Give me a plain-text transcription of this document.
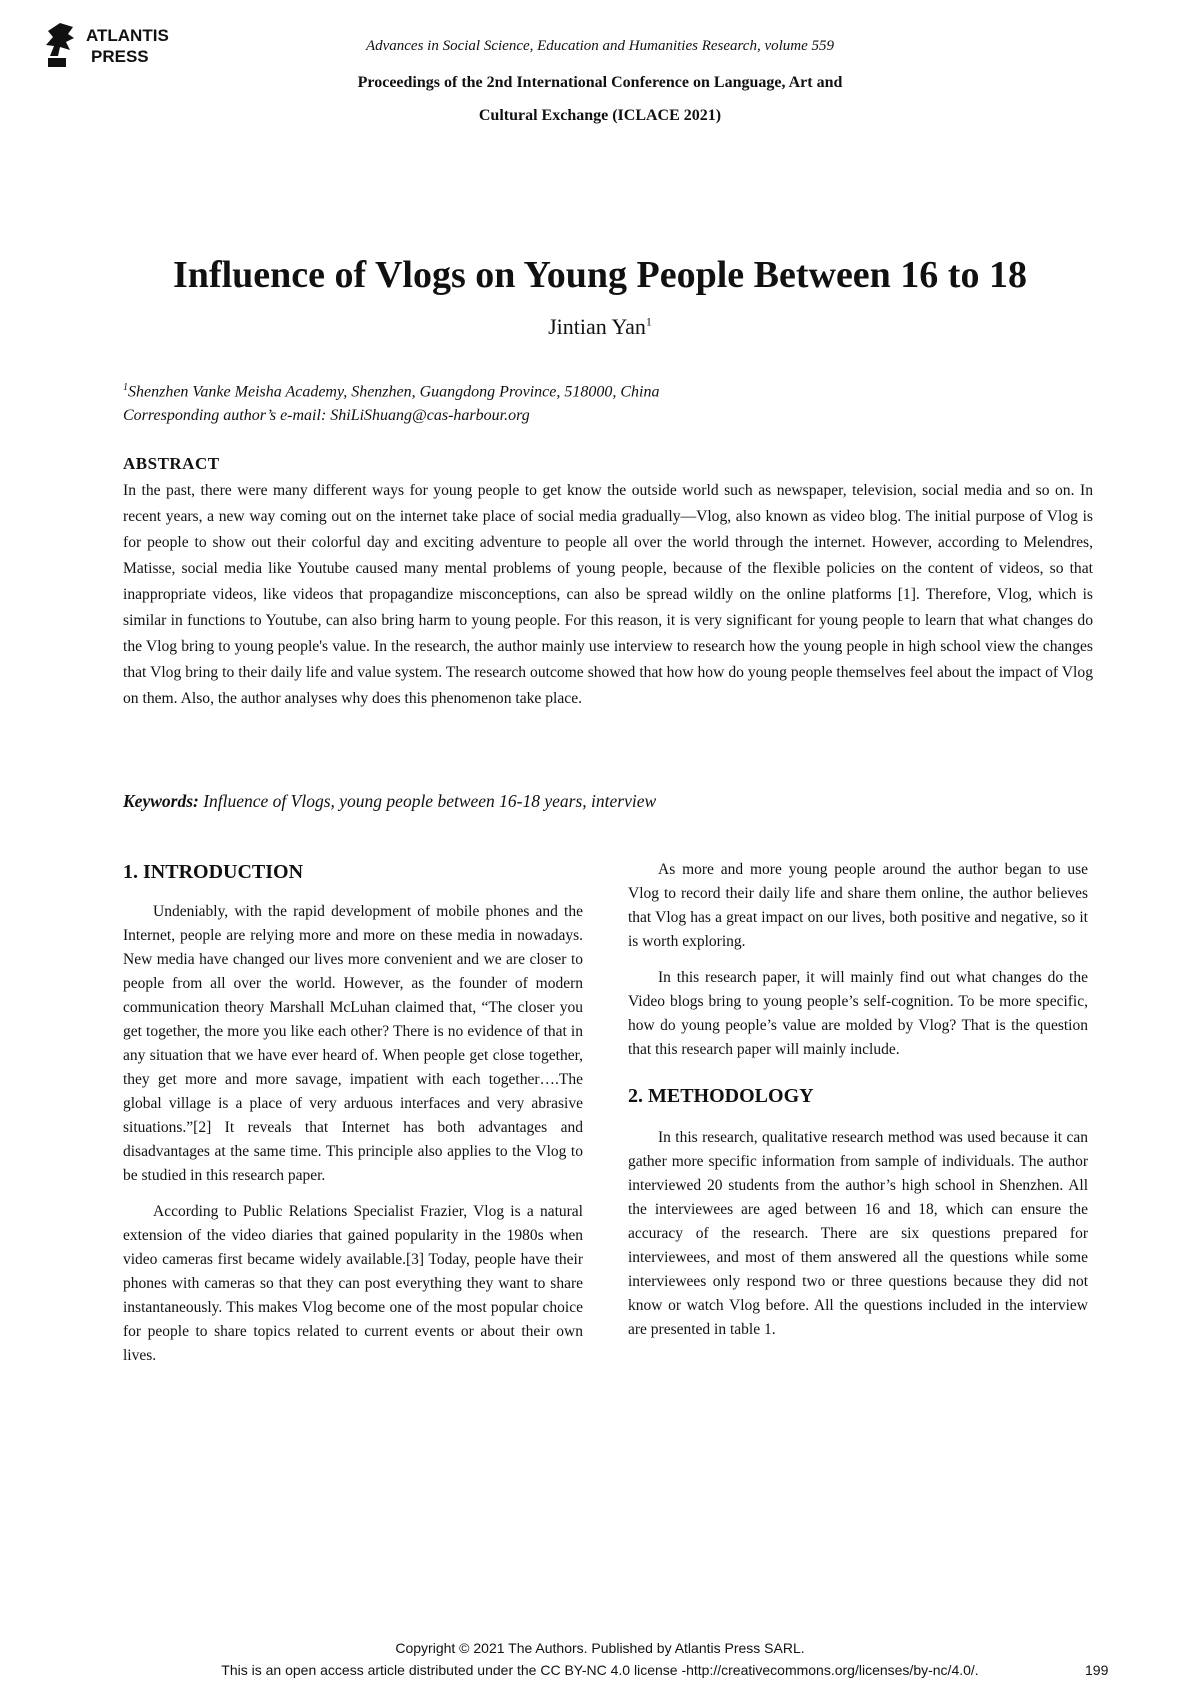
ATLANTIS
PRESS
Advances in Social Science, Education and Humanities Research, volume 559
Proceedings of the 2nd International Conference on Language, Art and
Cultural Exchange (ICLACE 2021)
Influence of Vlogs on Young People Between 16 to 18
Jintian Yan$^1$
$^1$Shenzhen Vanke Meisha Academy, Shenzhen, Guangdong Province, 518000, China
Corresponding author’s e-mail: ShiLiShuang@cas-harbour.org
ABSTRACT
In the past, there were many different ways for young people to get know the outside world such as newspaper, television, social media and so on. In recent years, a new way coming out on the internet take place of social media gradually—Vlog, also known as video blog. The initial purpose of Vlog is for people to show out their colorful day and exciting adventure to people all over the world through the internet. However, according to Melendres, Matisse, social media like Youtube caused many mental problems of young people, because of the flexible policies on the content of videos, so that inappropriate videos, like videos that propagandize misconceptions, can also be spread wildly on the online platforms [1]. Therefore, Vlog, which is similar in functions to Youtube, can also bring harm to young people. For this reason, it is very significant for young people to learn that what changes do the Vlog bring to young people's value. In the research, the author mainly use interview to research how the young people in high school view the changes that Vlog bring to their daily life and value system. The research outcome showed that how how do young people themselves feel about the impact of Vlog on them. Also, the author analyses why does this phenomenon take place.
Keywords: Influence of Vlogs, young people between 16-18 years, interview
1. INTRODUCTION

Undeniably, with the rapid development of mobile phones and the Internet, people are relying more and more on these media in nowadays. New media have changed our lives more convenient and we are closer to people from all over the world. However, as the founder of modern communication theory Marshall McLuhan claimed that, “The closer you get together, the more you like each other? There is no evidence of that in any situation that we have ever heard of. When people get close together, they get more and more savage, impatient with each together….The global village is a place of very arduous interfaces and very abrasive situations.”[2] It reveals that Internet has both advantages and disadvantages at the same time. This principle also applies to the Vlog to be studied in this research paper.

According to Public Relations Specialist Frazier, Vlog is a natural extension of the video diaries that gained popularity in the 1980s when video cameras first became widely available.[3] Today, people have their phones with cameras so that they can post everything they want to share instantaneously. This makes Vlog become one of the most popular choice for people to share topics related to current events or about their own lives.

As more and more young people around the author began to use Vlog to record their daily life and share them online, the author believes that Vlog has a great impact on our lives, both positive and negative, so it is worth exploring.

In this research paper, it will mainly find out what changes do the Video blogs bring to young people’s self-cognition. To be more specific, how do young people’s value are molded by Vlog? That is the question that this research paper will mainly include.

2. METHODOLOGY

In this research, qualitative research method was used because it can gather more specific information from sample of individuals. The author interviewed 20 students from the author’s high school in Shenzhen. All the interviewees are aged between 16 and 18, which can ensure the accuracy of the research. There are six questions prepared for interviewees, and most of them answered all the questions while some interviewees only respond two or three questions because they did not know or watch Vlog before. All the questions included in the interview are presented in table 1.

Copyright © 2021 The Authors. Published by Atlantis Press SARL.
This is an open access article distributed under the CC BY-NC 4.0 license -http://creativecommons.org/licenses/by-nc/4.0/.	199
